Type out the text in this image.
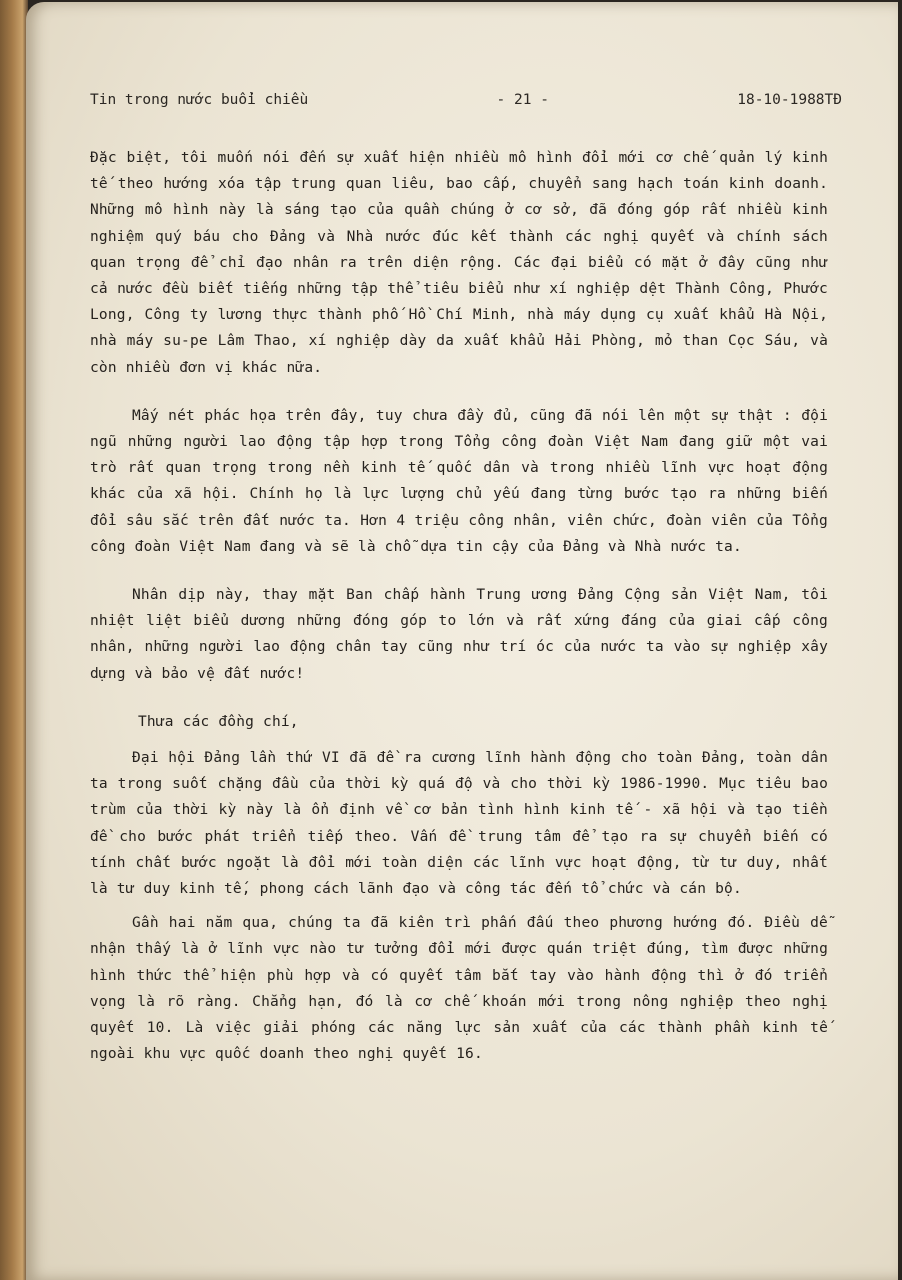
Tin trong nước buổi chiều	- 21 -	18-10-1988TĐ

Đặc biệt, tôi muốn nói đến sự xuất hiện nhiều mô hình đổi mới cơ chế quản lý kinh tế theo hướng xóa tập trung quan liêu, bao cấp, chuyển sang hạch toán kinh doanh. Những mô hình này là sáng tạo của quần chúng ở cơ sở, đã đóng góp rất nhiều kinh nghiệm quý báu cho Đảng và Nhà nước đúc kết thành các nghị quyết và chính sách quan trọng để chỉ đạo nhân ra trên diện rộng. Các đại biểu có mặt ở đây cũng như cả nước đều biết tiếng những tập thể tiêu biểu như xí nghiệp dệt Thành Công, Phước Long, Công ty lương thực thành phố Hồ Chí Minh, nhà máy dụng cụ xuất khẩu Hà Nội, nhà máy su-pe Lâm Thao, xí nghiệp dày da xuất khẩu Hải Phòng, mỏ than Cọc Sáu, và còn nhiều đơn vị khác nữa.

Mấy nét phác họa trên đây, tuy chưa đầy đủ, cũng đã nói lên một sự thật : đội ngũ những người lao động tập hợp trong Tổng công đoàn Việt Nam đang giữ một vai trò rất quan trọng trong nền kinh tế quốc dân và trong nhiều lĩnh vực hoạt động khác của xã hội. Chính họ là lực lượng chủ yếu đang từng bước tạo ra những biến đổi sâu sắc trên đất nước ta. Hơn 4 triệu công nhân, viên chức, đoàn viên của Tổng công đoàn Việt Nam đang và sẽ là chỗ dựa tin cậy của Đảng và Nhà nước ta.

Nhân dịp này, thay mặt Ban chấp hành Trung ương Đảng Cộng sản Việt Nam, tôi nhiệt liệt biểu dương những đóng góp to lớn và rất xứng đáng của giai cấp công nhân, những người lao động chân tay cũng như trí óc của nước ta vào sự nghiệp xây dựng và bảo vệ đất nước!

Thưa các đồng chí,

Đại hội Đảng lần thứ VI đã đề ra cương lĩnh hành động cho toàn Đảng, toàn dân ta trong suốt chặng đầu của thời kỳ quá độ và cho thời kỳ 1986-1990. Mục tiêu bao trùm của thời kỳ này là ổn định về cơ bản tình hình kinh tế - xã hội và tạo tiền đề cho bước phát triển tiếp theo. Vấn đề trung tâm để tạo ra sự chuyển biến có tính chất bước ngoặt là đổi mới toàn diện các lĩnh vực hoạt động, từ tư duy, nhất là tư duy kinh tế, phong cách lãnh đạo và công tác đến tổ chức và cán bộ.

Gần hai năm qua, chúng ta đã kiên trì phấn đấu theo phương hướng đó. Điều dễ nhận thấy là ở lĩnh vực nào tư tưởng đổi mới được quán triệt đúng, tìm được những hình thức thể hiện phù hợp và có quyết tâm bắt tay vào hành động thì ở đó triển vọng là rõ ràng. Chẳng hạn, đó là cơ chế khoán mới trong nông nghiệp theo nghị quyết 10. Là việc giải phóng các năng lực sản xuất của các thành phần kinh tế ngoài khu vực quốc doanh theo nghị quyết 16.
